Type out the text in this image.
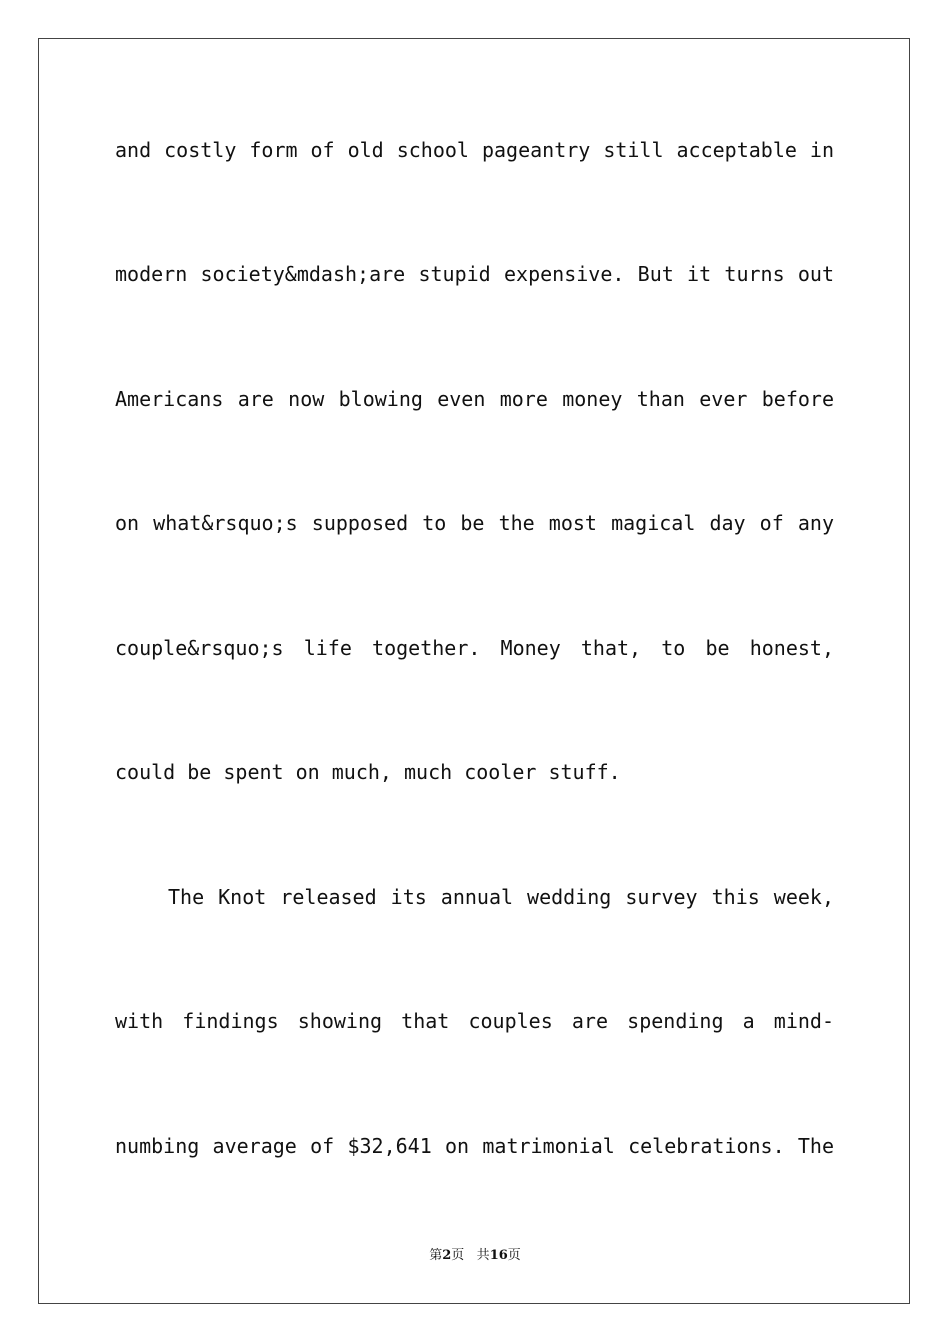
and costly form of old school pageantry still acceptable in
modern society&mdash;are stupid expensive. But it turns out
Americans are now blowing even more money than ever before
on what&rsquo;s supposed to be the most magical day of any
couple&rsquo;s life together. Money that, to be honest,
could be spent on much, much cooler stuff.
The Knot released its annual wedding survey this week,
with findings showing that couples are spending a mind-
numbing average of $32,641 on matrimonial celebrations. The
第2页 共16页
